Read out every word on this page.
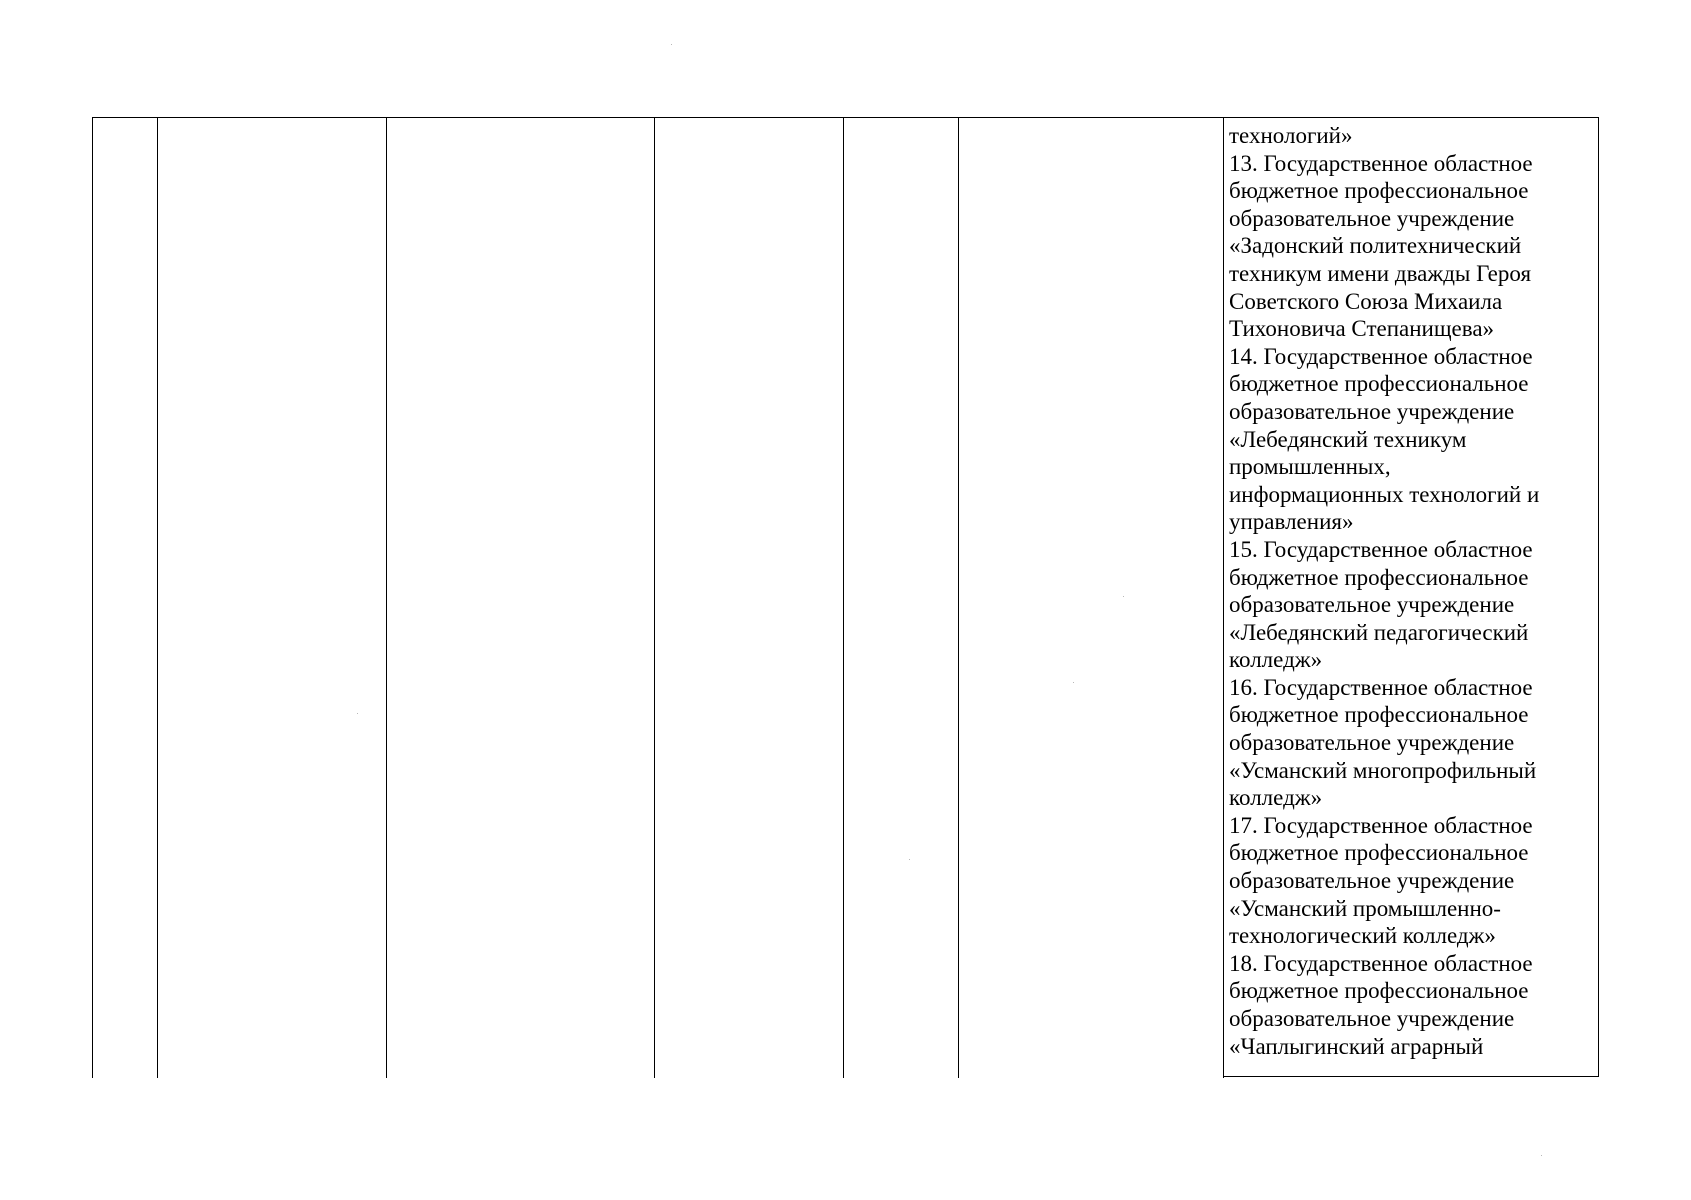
технологий»
13. Государственное областное
бюджетное профессиональное
образовательное учреждение
«Задонский политехнический
техникум имени дважды Героя
Советского Союза Михаила
Тихоновича Степанищева»
14. Государственное областное
бюджетное профессиональное
образовательное учреждение
«Лебедянский техникум
промышленных,
информационных технологий и
управления»
15. Государственное областное
бюджетное профессиональное
образовательное учреждение
«Лебедянский педагогический
колледж»
16. Государственное областное
бюджетное профессиональное
образовательное учреждение
«Усманский многопрофильный
колледж»
17. Государственное областное
бюджетное профессиональное
образовательное учреждение
«Усманский промышленно-
технологический колледж»
18. Государственное областное
бюджетное профессиональное
образовательное учреждение
«Чаплыгинский аграрный
